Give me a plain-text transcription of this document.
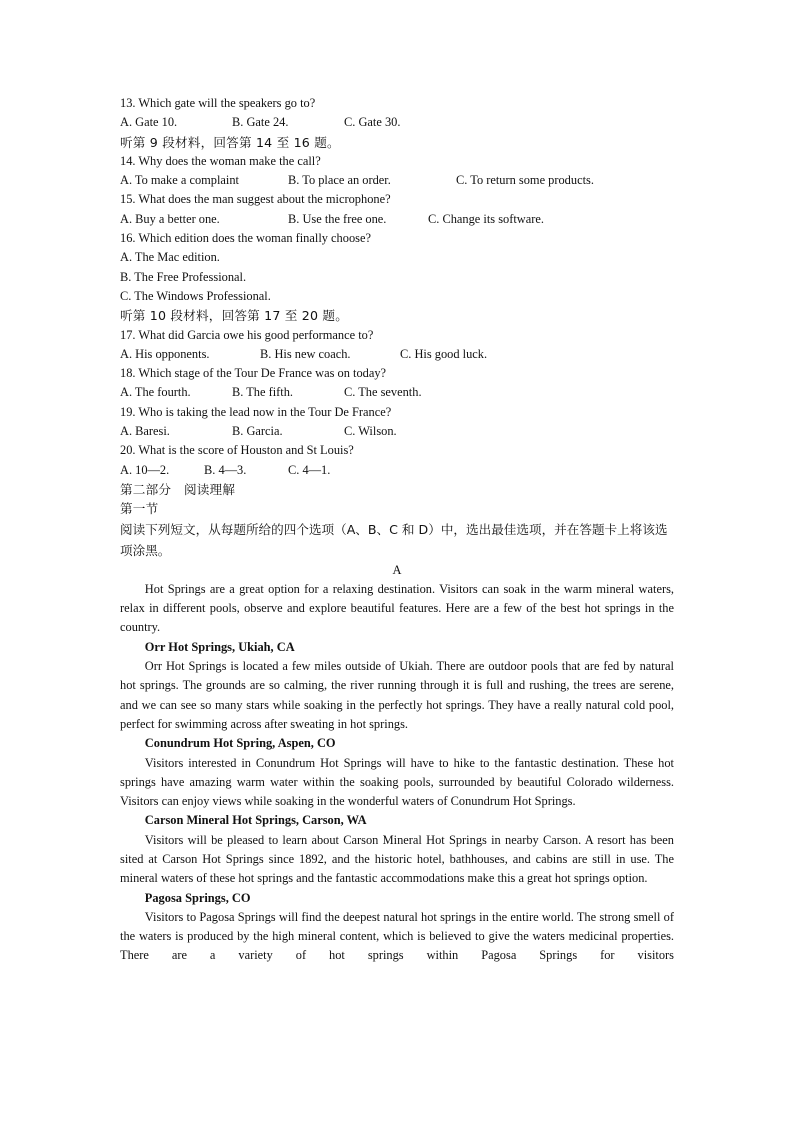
13. Which gate will the speakers go to?
A. Gate 10.	B. Gate 24.	C. Gate 30.
听第 9 段材料，回答第 14 至 16 题。
14. Why does the woman make the call?
A. To make a complaint	B. To place an order.	C. To return some products.
15. What does the man suggest about the microphone?
A. Buy a better one.	B. Use the free one.	C. Change its software.
16. Which edition does the woman finally choose?
A. The Mac edition.
B. The Free Professional.
C. The Windows Professional.
听第 10 段材料，回答第 17 至 20 题。
17. What did Garcia owe his good performance to?
A. His opponents.	B. His new coach.	C. His good luck.
18. Which stage of the Tour De France was on today?
A. The fourth.	B. The fifth.	C. The seventh.
19. Who is taking the lead now in the Tour De France?
A. Baresi.	B. Garcia.	C. Wilson.
20. What is the score of Houston and St Louis?
A. 10—2.	B. 4—3.	C. 4—1.
第二部分　阅读理解
第一节
阅读下列短文，从每题所给的四个选项（A、B、C 和 D）中，选出最佳选项，并在答题卡上将该选项涂黑。
A

Hot Springs are a great option for a relaxing destination. Visitors can soak in the warm mineral waters, relax in different pools, observe and explore beautiful features. Here are a few of the best hot springs in the country.

Orr Hot Springs, Ukiah, CA

Orr Hot Springs is located a few miles outside of Ukiah. There are outdoor pools that are fed by natural hot springs. The grounds are so calming, the river running through it is full and rushing, the trees are serene, and we can see so many stars while soaking in the perfectly hot springs. They have a really natural cold pool, perfect for swimming across after sweating in hot springs.

Conundrum Hot Spring, Aspen, CO

Visitors interested in Conundrum Hot Springs will have to hike to the fantastic destination. These hot springs have amazing warm water within the soaking pools, surrounded by beautiful Colorado wilderness. Visitors can enjoy views while soaking in the wonderful waters of Conundrum Hot Springs.

Carson Mineral Hot Springs, Carson, WA

Visitors will be pleased to learn about Carson Mineral Hot Springs in nearby Carson. A resort has been sited at Carson Hot Springs since 1892, and the historic hotel, bathhouses, and cabins are still in use. The mineral waters of these hot springs and the fantastic accommodations make this a great hot springs option.

Pagosa Springs, CO

Visitors to Pagosa Springs will find the deepest natural hot springs in the entire world. The strong smell of the waters is produced by the high mineral content, which is believed to give the waters medicinal properties. There are a variety of hot springs within Pagosa Springs for visitors
